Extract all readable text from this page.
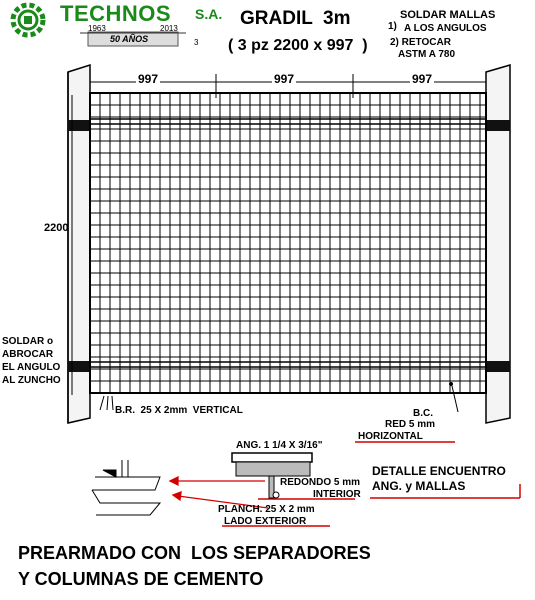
TECHNOS S.A.
1963	2013
50 AÑOS	3
GRADIL  3m
( 3 pz 2200 x 997  )
SOLDAR MALLAS
1) A LOS ANGULOS
2) RETOCAR
ASTM A 780
997	997	997
2200
SOLDAR o
ABROCAR
EL ANGULO
AL ZUNCHO
B.R.  25 X 2mm  VERTICAL	B.C.
RED 5 mm
HORIZONTAL
ANG. 1 1/4 X 3/16"
REDONDO 5 mm
INTERIOR
PLANCH. 25 X 2 mm
LADO EXTERIOR
DETALLE ENCUENTRO
ANG. y MALLAS
PREARMADO CON  LOS SEPARADORES
Y COLUMNAS DE CEMENTO
